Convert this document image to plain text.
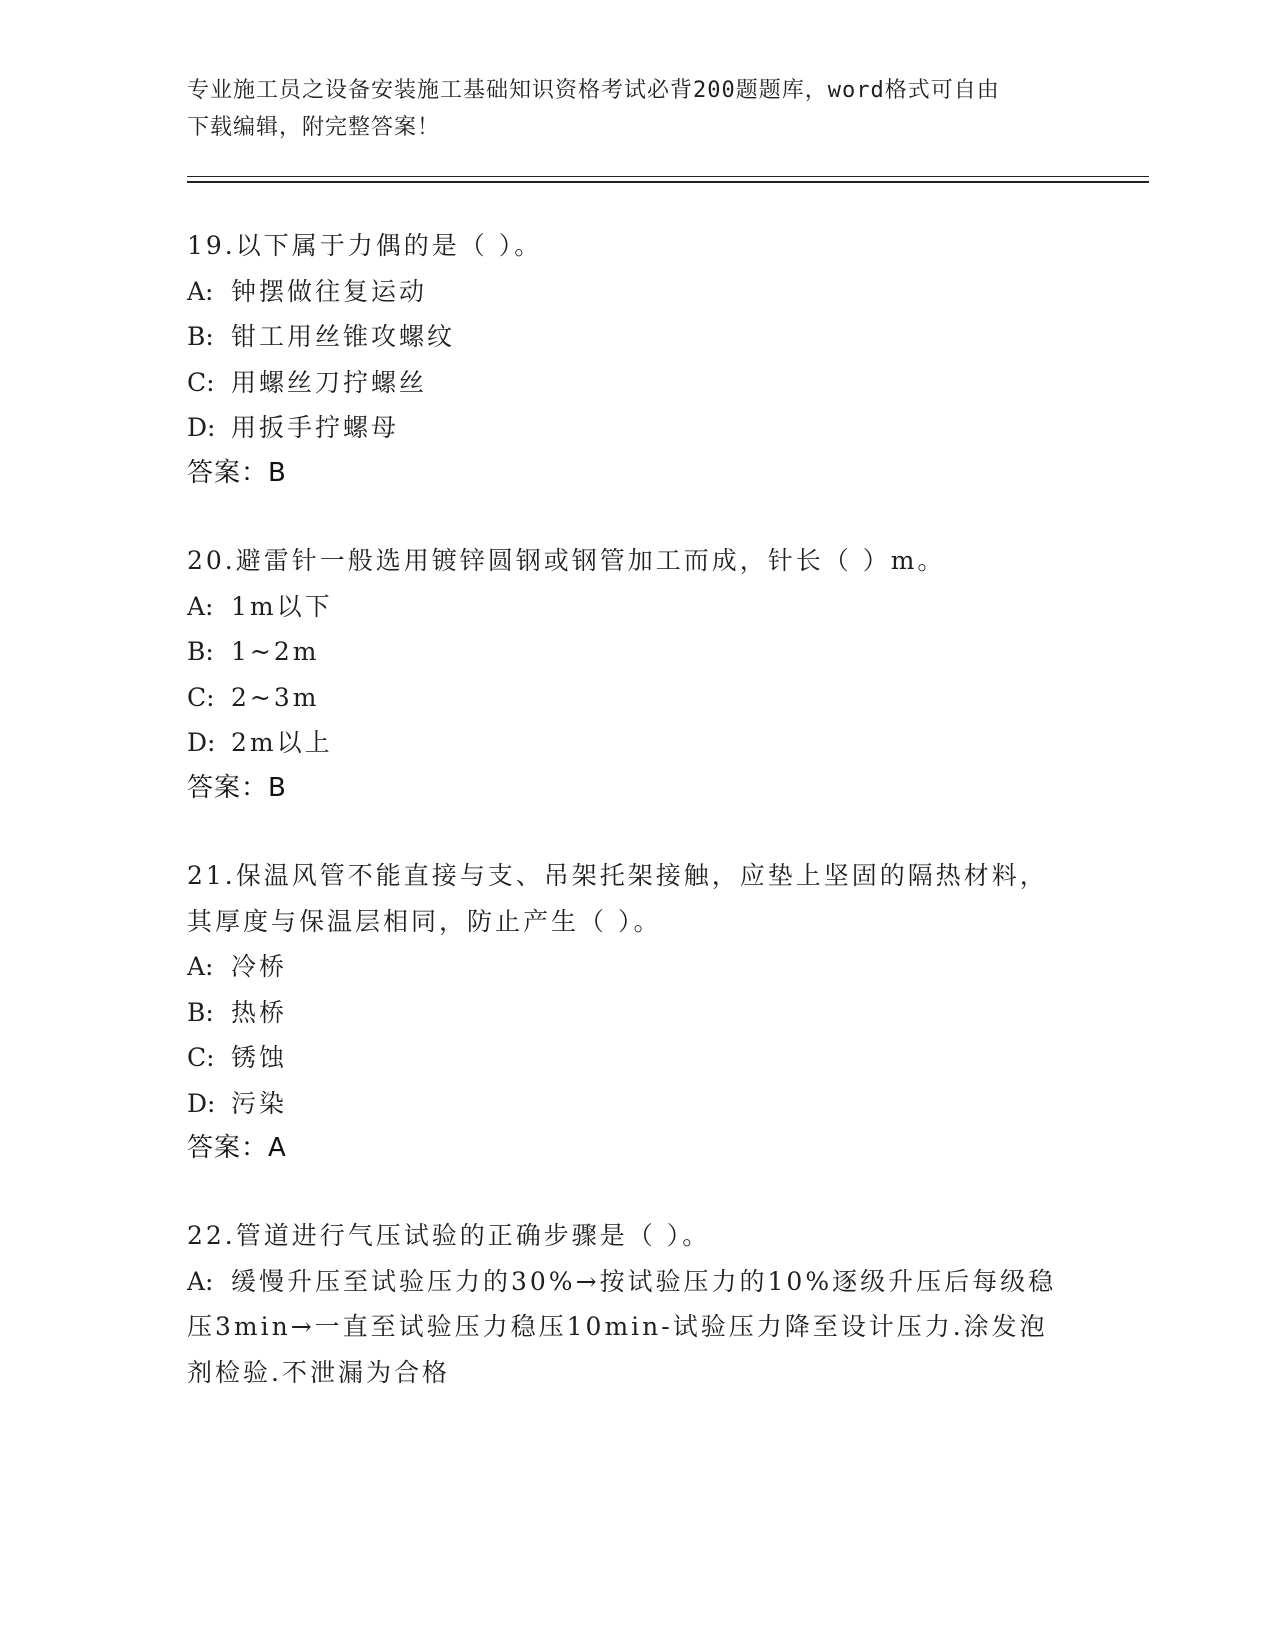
专业施工员之设备安装施工基础知识资格考试必背200题题库，word格式可自由
下载编辑，附完整答案！
19.以下属于力偶的是（ ）。
A: 钟摆做往复运动
B: 钳工用丝锥攻螺纹
C: 用螺丝刀拧螺丝
D: 用扳手拧螺母
答案：B
20.避雷针一般选用镀锌圆钢或钢管加工而成，针长（ ）m。
A: 1m以下
B: 1~2m
C: 2~3m
D: 2m以上
答案：B
21.保温风管不能直接与支、吊架托架接触，应垫上坚固的隔热材料，
其厚度与保温层相同，防止产生（ ）。
A: 冷桥
B: 热桥
C: 锈蚀
D: 污染
答案：A
22.管道进行气压试验的正确步骤是（ ）。
A: 缓慢升压至试验压力的30%→按试验压力的10%逐级升压后每级稳
压3min→一直至试验压力稳压10min-试验压力降至设计压力.涂发泡
剂检验.不泄漏为合格
